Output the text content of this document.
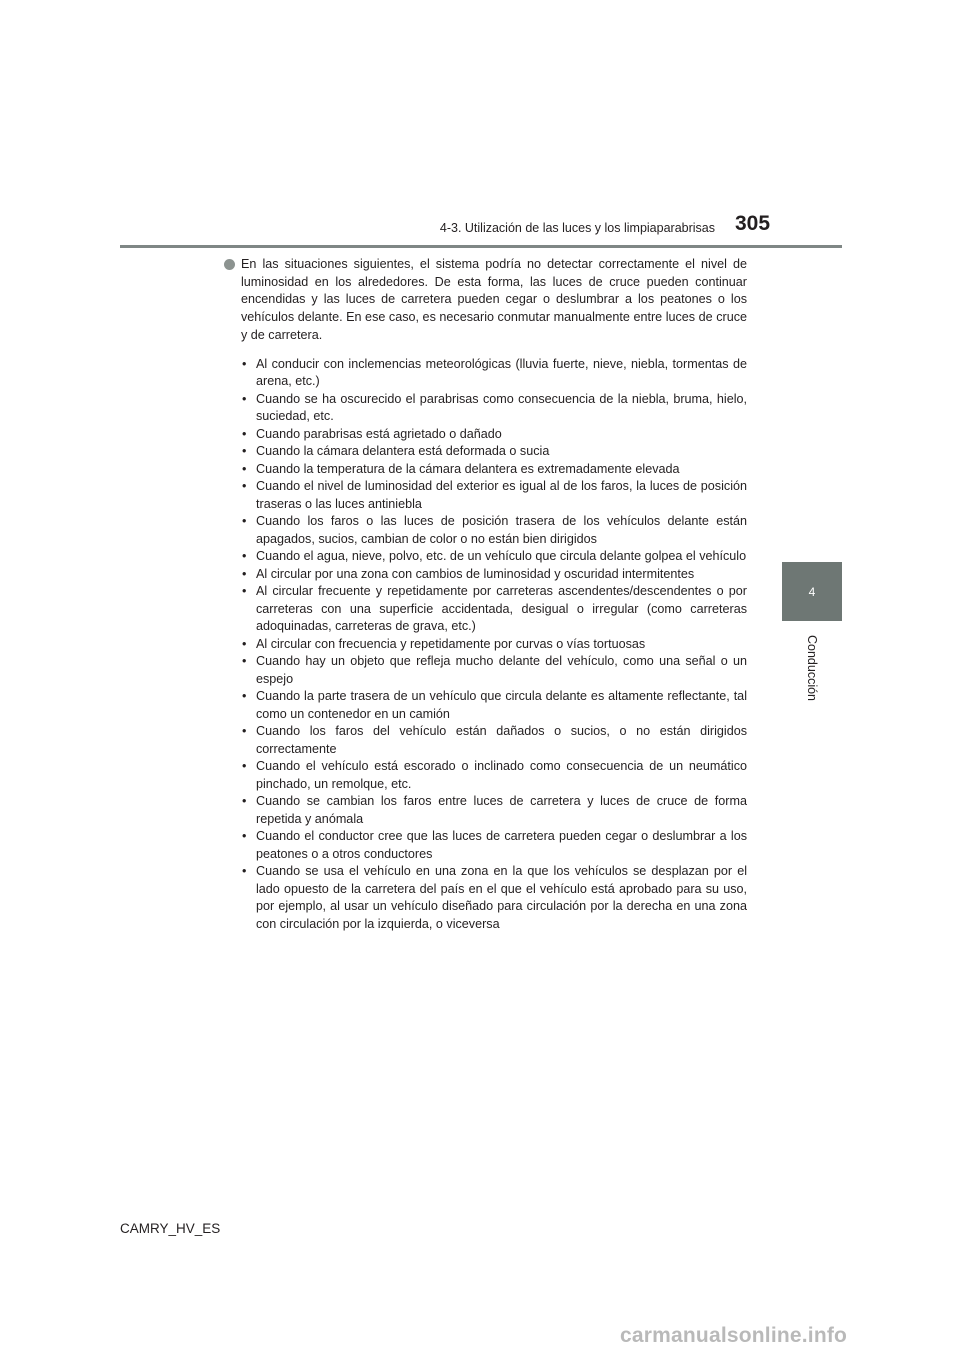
4-3. Utilización de las luces y los limpiaparabrisas 305
4
Conducción
En las situaciones siguientes, el sistema podría no detectar correctamente el nivel de luminosidad en los alrededores. De esta forma, las luces de cruce pueden continuar encendidas y las luces de carretera pueden cegar o deslumbrar a los peatones o los vehículos delante. En ese caso, es necesario conmutar manualmente entre luces de cruce y de carretera.
• Al conducir con inclemencias meteorológicas (lluvia fuerte, nieve, niebla, tormentas de arena, etc.)
• Cuando se ha oscurecido el parabrisas como consecuencia de la niebla, bruma, hielo, suciedad, etc.
• Cuando parabrisas está agrietado o dañado
• Cuando la cámara delantera está deformada o sucia
• Cuando la temperatura de la cámara delantera es extremadamente elevada
• Cuando el nivel de luminosidad del exterior es igual al de los faros, la luces de posición traseras o las luces antiniebla
• Cuando los faros o las luces de posición trasera de los vehículos delante están apagados, sucios, cambian de color o no están bien dirigidos
• Cuando el agua, nieve, polvo, etc. de un vehículo que circula delante golpea el vehículo
• Al circular por una zona con cambios de luminosidad y oscuridad intermitentes
• Al circular frecuente y repetidamente por carreteras ascendentes/descendentes o por carreteras con una superficie accidentada, desigual o irregular (como carreteras adoquinadas, carreteras de grava, etc.)
• Al circular con frecuencia y repetidamente por curvas o vías tortuosas
• Cuando hay un objeto que refleja mucho delante del vehículo, como una señal o un espejo
• Cuando la parte trasera de un vehículo que circula delante es altamente reflectante, tal como un contenedor en un camión
• Cuando los faros del vehículo están dañados o sucios, o no están dirigidos correctamente
• Cuando el vehículo está escorado o inclinado como consecuencia de un neumático pinchado, un remolque, etc.
• Cuando se cambian los faros entre luces de carretera y luces de cruce de forma repetida y anómala
• Cuando el conductor cree que las luces de carretera pueden cegar o deslumbrar a los peatones o a otros conductores
• Cuando se usa el vehículo en una zona en la que los vehículos se desplazan por el lado opuesto de la carretera del país en el que el vehículo está aprobado para su uso, por ejemplo, al usar un vehículo diseñado para circulación por la derecha en una zona con circulación por la izquierda, o viceversa
CAMRY_HV_ES
carmanualsonline.info
